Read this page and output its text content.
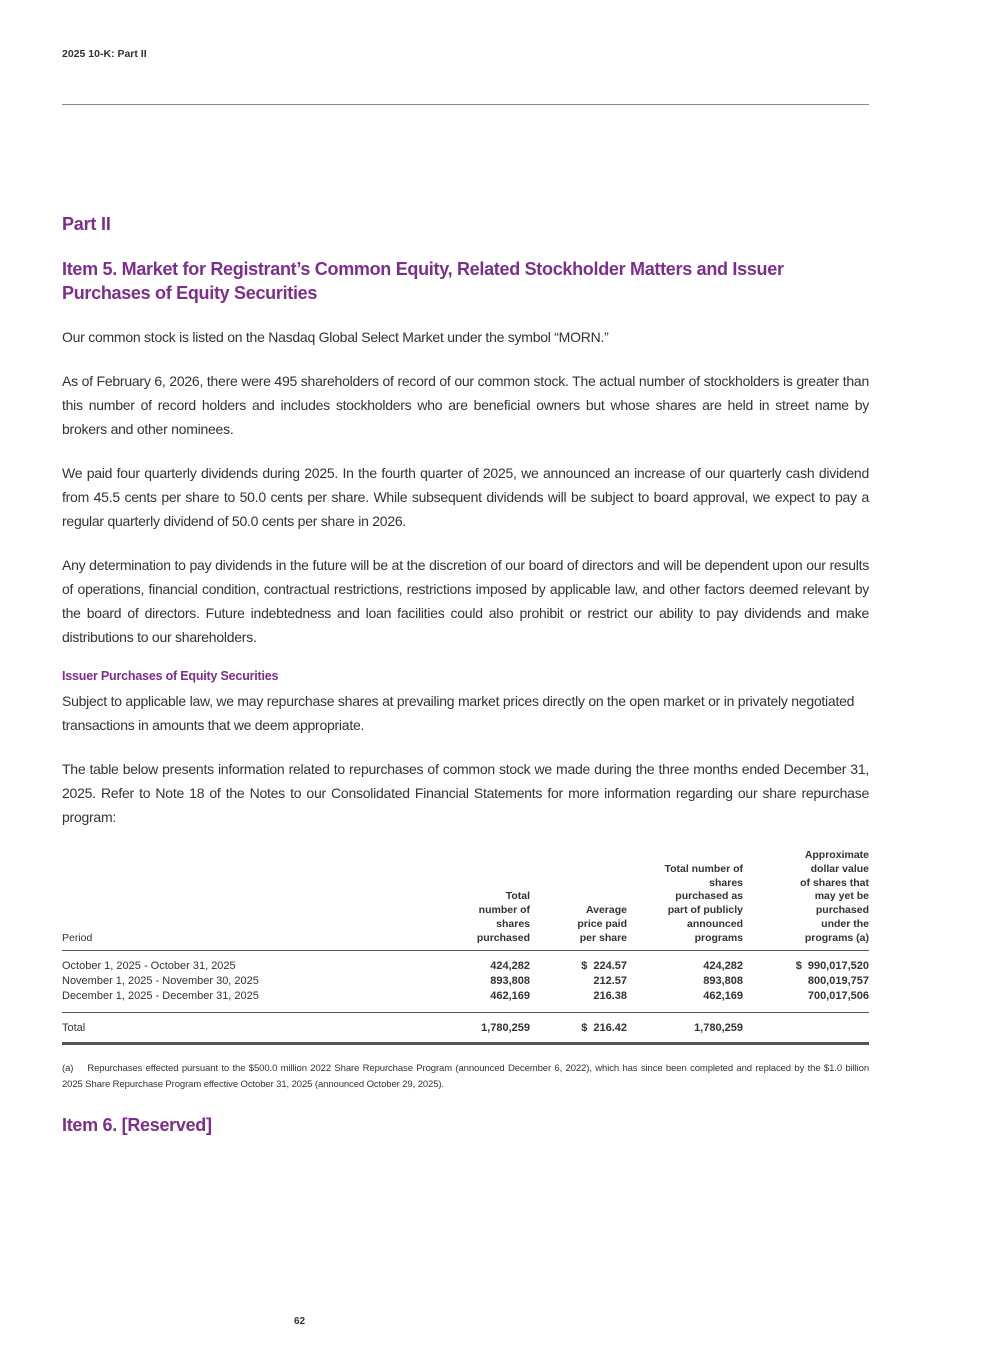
2025 10-K: Part II
Part II
Item 5. Market for Registrant’s Common Equity, Related Stockholder Matters and Issuer Purchases of Equity Securities

Our common stock is listed on the Nasdaq Global Select Market under the symbol “MORN.”

As of February 6, 2026, there were 495 shareholders of record of our common stock. The actual number of stockholders is greater than this number of record holders and includes stockholders who are beneficial owners but whose shares are held in street name by brokers and other nominees.

We paid four quarterly dividends during 2025. In the fourth quarter of 2025, we announced an increase of our quarterly cash dividend from 45.5 cents per share to 50.0 cents per share. While subsequent dividends will be subject to board approval, we expect to pay a regular quarterly dividend of 50.0 cents per share in 2026.

Any determination to pay dividends in the future will be at the discretion of our board of directors and will be dependent upon our results of operations, financial condition, contractual restrictions, restrictions imposed by applicable law, and other factors deemed relevant by the board of directors. Future indebtedness and loan facilities could also prohibit or restrict our ability to pay dividends and make distributions to our shareholders.

Issuer Purchases of Equity Securities

Subject to applicable law, we may repurchase shares at prevailing market prices directly on the open market or in privately negotiated transactions in amounts that we deem appropriate.

The table below presents information related to repurchases of common stock we made during the three months ended December 31, 2025. Refer to Note 18 of the Notes to our Consolidated Financial Statements for more information regarding our share repurchase program:

Period	Total number of shares purchased	Average price paid per share	Total number of shares purchased as part of publicly announced programs	Approximate dollar value of shares that may yet be purchased under the programs (a)

October 1, 2025 - October 31, 2025	424,282	$ 224.57	424,282	$ 990,017,520
November 1, 2025 - November 30, 2025	893,808	212.57	893,808	800,019,757
December 1, 2025 - December 31, 2025	462,169	216.38	462,169	700,017,506
Total	1,780,259	$ 216.42	1,780,259	
(a) Repurchases effected pursuant to the $500.0 million 2022 Share Repurchase Program (announced December 6, 2022), which has since been completed and replaced by the $1.0 billion 2025 Share Repurchase Program effective October 31, 2025 (announced October 29, 2025).
Item 6. [Reserved]
62
